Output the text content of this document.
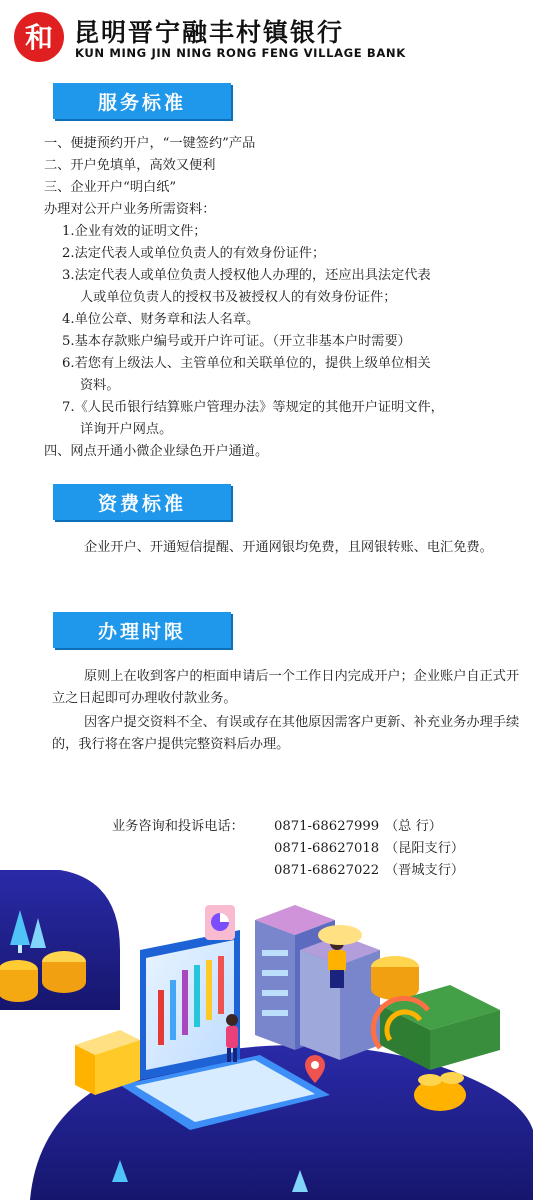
和 昆明晋宁融丰村镇银行
KUN MING JIN NING RONG FENG VILLAGE BANK
服务标准
一、便捷预约开户，“一键签约”产品
二、开户免填单，高效又便利
三、企业开户“明白纸”
办理对公开户业务所需资料：
1.企业有效的证明文件；
2.法定代表人或单位负责人的有效身份证件；
3.法定代表人或单位负责人授权他人办理的，还应出具法定代表
人或单位负责人的授权书及被授权人的有效身份证件；
4.单位公章、财务章和法人名章。
5.基本存款账户编号或开户许可证。（开立非基本户时需要）
6.若您有上级法人、主管单位和关联单位的，提供上级单位相关
资料。
7.《人民币银行结算账户管理办法》等规定的其他开户证明文件，
详询开户网点。
四、网点开通小微企业绿色开户通道。
资费标准
企业开户、开通短信提醒、开通网银均免费，且网银转账、电汇免费。
办理时限
原则上在收到客户的柜面申请后一个工作日内完成开户；企业账户自正式开立之日起即可办理收付款业务。
因客户提交资料不全、有误或存在其他原因需客户更新、补充业务办理手续的，我行将在客户提供完整资料后办理。
业务咨询和投诉电话： 0871-68627999 （总 行）
0871-68627018 （昆阳支行）
0871-68627022 （晋城支行）
